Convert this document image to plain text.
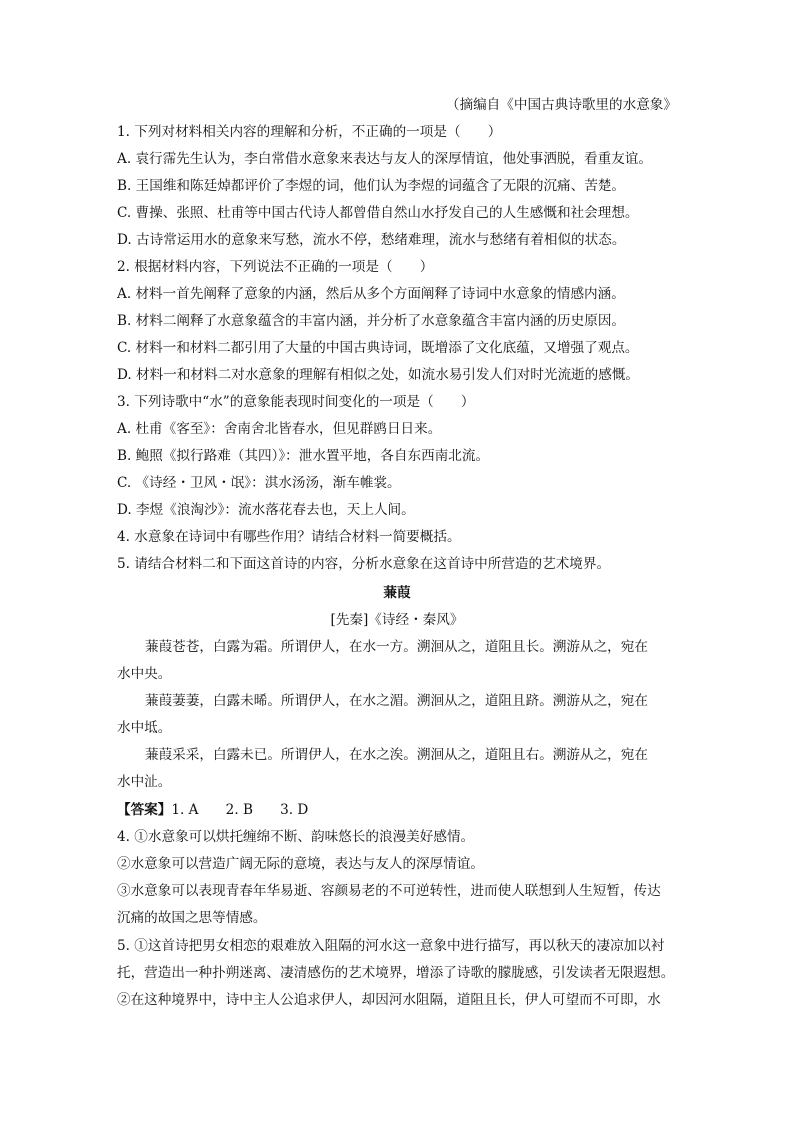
（摘编自《中国古典诗歌里的水意象》
1. 下列对材料相关内容的理解和分析，不正确的一项是（　　）
A. 袁行霈先生认为，李白常借水意象来表达与友人的深厚情谊，他处事洒脱，看重友谊。
B. 王国维和陈廷焯都评价了李煜的词，他们认为李煜的词蕴含了无限的沉痛、苦楚。
C. 曹操、张照、杜甫等中国古代诗人都曾借自然山水抒发自己的人生感慨和社会理想。
D. 古诗常运用水的意象来写愁，流水不停，愁绪难理，流水与愁绪有着相似的状态。
2. 根据材料内容，下列说法不正确的一项是（　　）
A. 材料一首先阐释了意象的内涵，然后从多个方面阐释了诗词中水意象的情感内涵。
B. 材料二阐释了水意象蕴含的丰富内涵，并分析了水意象蕴含丰富内涵的历史原因。
C. 材料一和材料二都引用了大量的中国古典诗词，既增添了文化底蕴，又增强了观点。
D. 材料一和材料二对水意象的理解有相似之处，如流水易引发人们对时光流逝的感慨。
3. 下列诗歌中“水”的意象能表现时间变化的一项是（　　）
A. 杜甫《客至》：舍南舍北皆春水，但见群鸥日日来。
B. 鲍照《拟行路难（其四）》：泄水置平地，各自东西南北流。
C. 《诗经・卫风・氓》：淇水汤汤，渐车帷裳。
D. 李煜《浪淘沙》：流水落花春去也，天上人间。
4. 水意象在诗词中有哪些作用？请结合材料一简要概括。
5. 请结合材料二和下面这首诗的内容，分析水意象在这首诗中所营造的艺术境界。
蒹葭
[先秦]《诗经・秦风》
蒹葭苍苍，白露为霜。所谓伊人，在水一方。溯洄从之，道阻且长。溯游从之，宛在
水中央。
蒹葭萋萋，白露未晞。所谓伊人，在水之湄。溯洄从之，道阻且跻。溯游从之，宛在
水中坻。
蒹葭采采，白露未已。所谓伊人，在水之涘。溯洄从之，道阻且右。溯游从之，宛在
水中沚。
【答案】1. A　　2. B　　3. D
4. ①水意象可以烘托缠绵不断、韵味悠长的浪漫美好感情。
②水意象可以营造广阔无际的意境，表达与友人的深厚情谊。
③水意象可以表现青春年华易逝、容颜易老的不可逆转性，进而使人联想到人生短暂，传达
沉痛的故国之思等情感。
5. ①这首诗把男女相恋的艰难放入阻隔的河水这一意象中进行描写，再以秋天的凄凉加以衬
托，营造出一种扑朔迷离、凄清感伤的艺术境界，增添了诗歌的朦胧感，引发读者无限遐想。
②在这种境界中，诗中主人公追求伊人，却因河水阻隔，道阻且长，伊人可望而不可即，水
